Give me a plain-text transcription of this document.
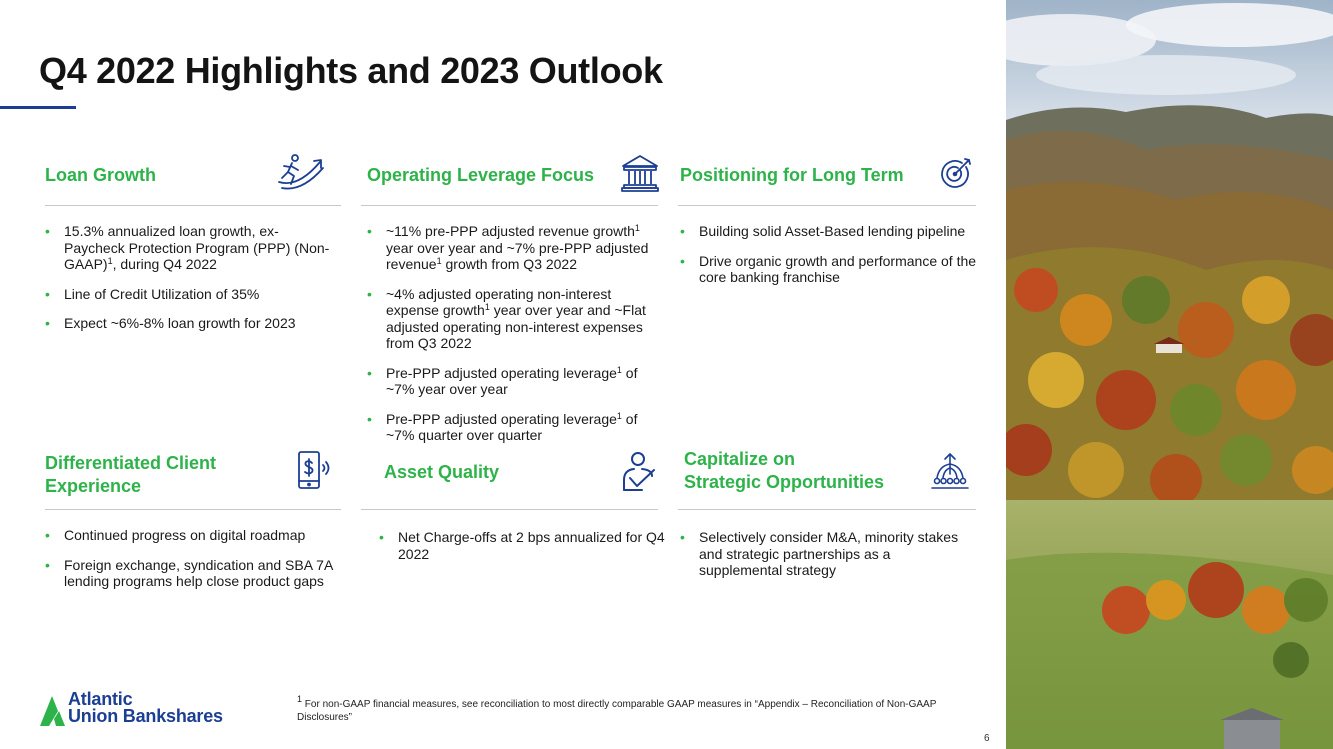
Q4 2022 Highlights and 2023 Outlook
Loan Growth
• 15.3% annualized loan growth, ex-Paycheck Protection Program (PPP) (Non-GAAP)$^1$, during Q4 2022
• Line of Credit Utilization of 35%
• Expect ~6%-8% loan growth for 2023
Operating Leverage Focus
• ~11% pre-PPP adjusted revenue growth$^1$ year over year and ~7% pre-PPP adjusted revenue$^1$ growth from Q3 2022
• ~4% adjusted operating non-interest expense growth$^1$ year over year and ~Flat adjusted operating non-interest expenses from Q3 2022
• Pre-PPP adjusted operating leverage$^1$ of ~7% year over year
• Pre-PPP adjusted operating leverage$^1$ of ~7% quarter over quarter
Positioning for Long Term
• Building solid Asset-Based lending pipeline
• Drive organic growth and performance of the core banking franchise
Differentiated Client
Experience
• Continued progress on digital roadmap
• Foreign exchange, syndication and SBA 7A lending programs help close product gaps
Asset Quality
• Net Charge-offs at 2 bps annualized for Q4 2022
Capitalize on
Strategic Opportunities
• Selectively consider M&A, minority stakes and strategic partnerships as a supplemental strategy
Atlantic
Union Bankshares
$^1$ For non-GAAP financial measures, see reconciliation to most directly comparable GAAP measures in “Appendix – Reconciliation of Non-GAAP Disclosures”
6
